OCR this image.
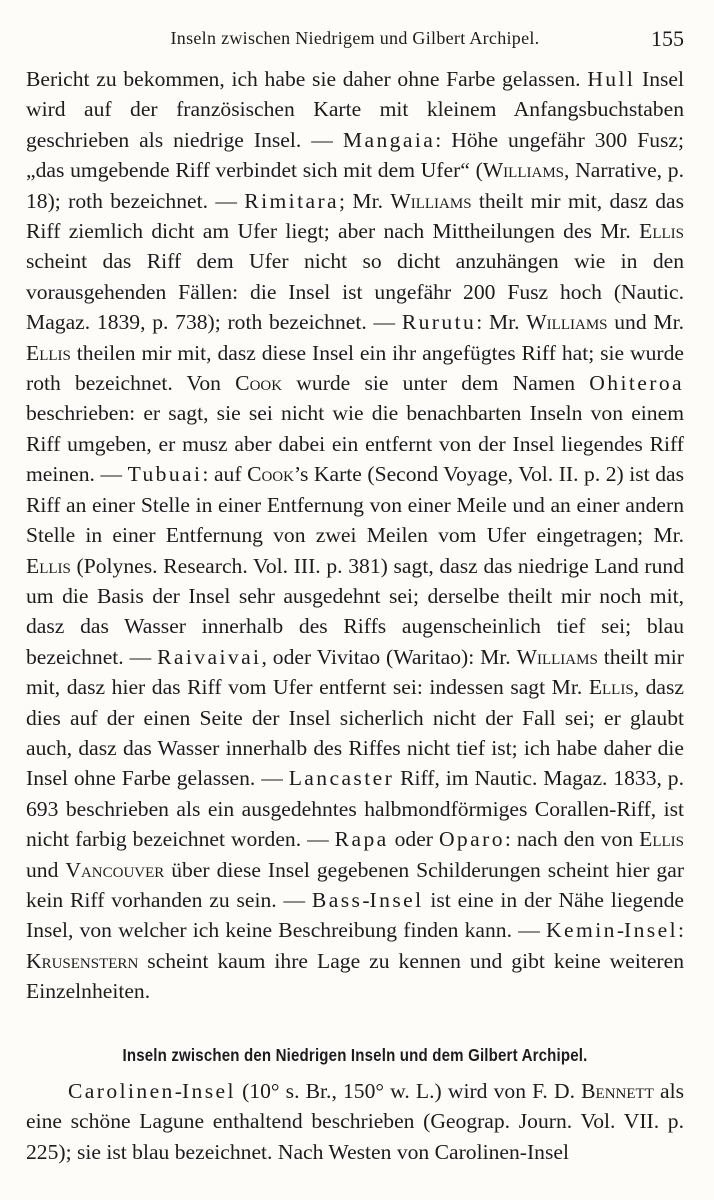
Inseln zwischen Niedrigem und Gilbert Archipel.	155

Bericht zu bekommen, ich habe sie daher ohne Farbe gelassen. Hull Insel wird auf der französischen Karte mit kleinem Anfangsbuchstaben geschrieben als niedrige Insel. — Mangaia: Höhe ungefähr 300 Fusz; „das umgebende Riff verbindet sich mit dem Ufer“ (Williams, Narrative, p. 18); roth bezeichnet. — Rimitara; Mr. Williams theilt mir mit, dasz das Riff ziemlich dicht am Ufer liegt; aber nach Mittheilungen des Mr. Ellis scheint das Riff dem Ufer nicht so dicht anzuhängen wie in den vorausgehenden Fällen: die Insel ist ungefähr 200 Fusz hoch (Nautic. Magaz. 1839, p. 738); roth bezeichnet. — Rurutu: Mr. Williams und Mr. Ellis theilen mir mit, dasz diese Insel ein ihr angefügtes Riff hat; sie wurde roth bezeichnet. Von Cook wurde sie unter dem Namen Ohiteroa beschrieben: er sagt, sie sei nicht wie die benachbarten Inseln von einem Riff umgeben, er musz aber dabei ein entfernt von der Insel liegendes Riff meinen. — Tubuai: auf Cook’s Karte (Second Voyage, Vol. II. p. 2) ist das Riff an einer Stelle in einer Entfernung von einer Meile und an einer andern Stelle in einer Entfernung von zwei Meilen vom Ufer eingetragen; Mr. Ellis (Polynes. Research. Vol. III. p. 381) sagt, dasz das niedrige Land rund um die Basis der Insel sehr ausgedehnt sei; derselbe theilt mir noch mit, dasz das Wasser innerhalb des Riffs augenscheinlich tief sei; blau bezeichnet. — Raivaivai, oder Vivitao (Waritao): Mr. Williams theilt mir mit, dasz hier das Riff vom Ufer entfernt sei: indessen sagt Mr. Ellis, dasz dies auf der einen Seite der Insel sicherlich nicht der Fall sei; er glaubt auch, dasz das Wasser innerhalb des Riffes nicht tief ist; ich habe daher die Insel ohne Farbe gelassen. — Lancaster Riff, im Nautic. Magaz. 1833, p. 693 beschrieben als ein ausgedehntes halbmondförmiges Corallen-Riff, ist nicht farbig bezeichnet worden. — Rapa oder Oparo: nach den von Ellis und Vancouver über diese Insel gegebenen Schilderungen scheint hier gar kein Riff vorhanden zu sein. — Bass-Insel ist eine in der Nähe liegende Insel, von welcher ich keine Beschreibung finden kann. — Kemin-Insel: Krusenstern scheint kaum ihre Lage zu kennen und gibt keine weiteren Einzelnheiten.

Inseln zwischen den Niedrigen Inseln und dem Gilbert Archipel.

Carolinen-Insel (10° s. Br., 150° w. L.) wird von F. D. Bennett als eine schöne Lagune enthaltend beschrieben (Geograp. Journ. Vol. VII. p. 225); sie ist blau bezeichnet. Nach Westen von Carolinen-Insel
